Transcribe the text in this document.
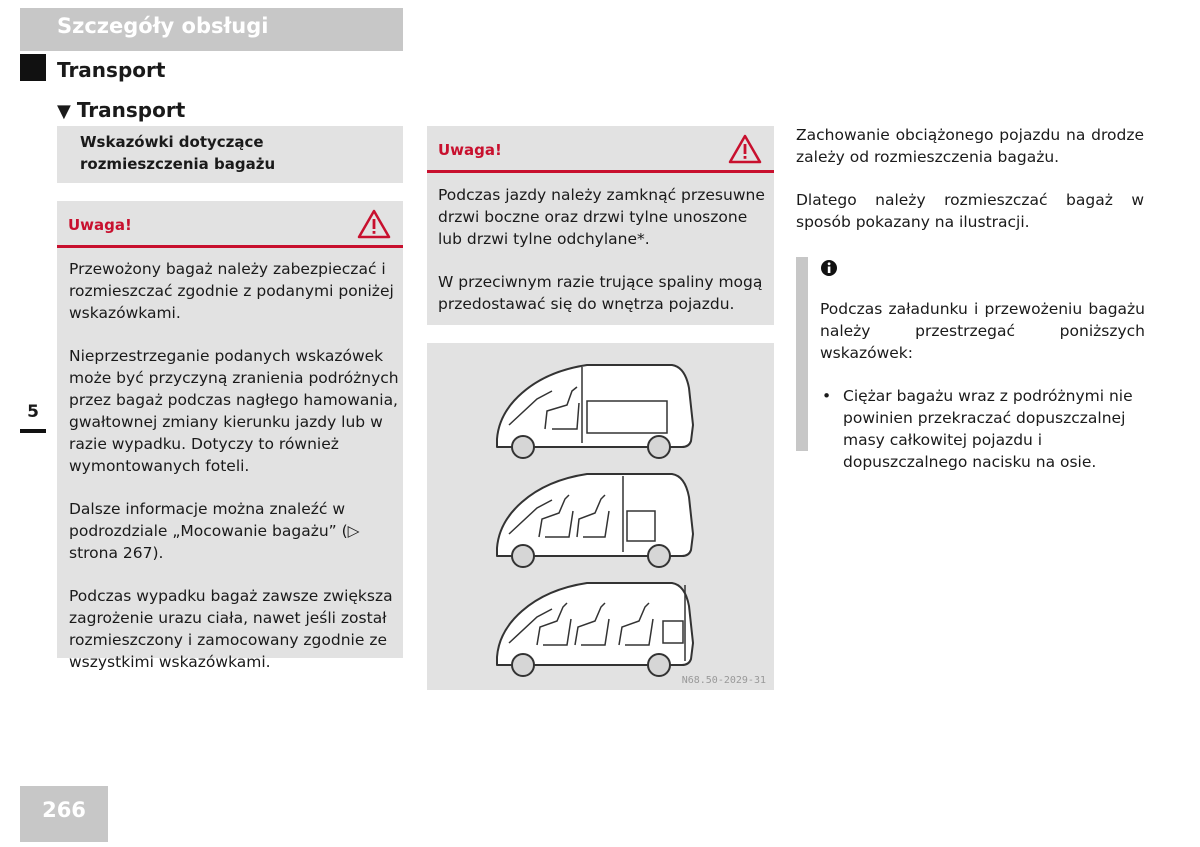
Szczegóły obsługi
Transport
▼ Transport
Wskazówki dotyczące rozmieszczenia bagażu
Uwaga!

Przewożony bagaż należy zabezpieczać i rozmieszczać zgodnie z podanymi poniżej wskazówkami.

Nieprzestrzeganie podanych wskazówek może być przyczyną zranienia podróżnych przez bagaż podczas nagłego hamowania, gwałtownej zmiany kierunku jazdy lub w razie wypadku. Dotyczy to również wymontowanych foteli.

Dalsze informacje można znaleźć w podrozdziale „Mocowanie bagażu” (▷ strona 267).

Podczas wypadku bagaż zawsze zwiększa zagrożenie urazu ciała, nawet jeśli został rozmieszczony i zamocowany zgodnie ze wszystkimi wskazówkami.

5
Uwaga!

Podczas jazdy należy zamknąć przesuwne drzwi boczne oraz drzwi tylne unoszone lub drzwi tylne odchylane*.

W przeciwnym razie trujące spaliny mogą przedostawać się do wnętrza pojazdu.

N68.50-2029-31

Zachowanie obciążonego pojazdu na drodze zależy od rozmieszczenia bagażu.

Dlatego należy rozmieszczać bagaż w sposób pokazany na ilustracji.

Podczas załadunku i przewożeniu bagażu należy przestrzegać poniższych wskazówek:

• Ciężar bagażu wraz z podróżnymi nie powinien przekraczać dopuszczalnej masy całkowitej pojazdu i dopuszczalnego nacisku na osie.

266
